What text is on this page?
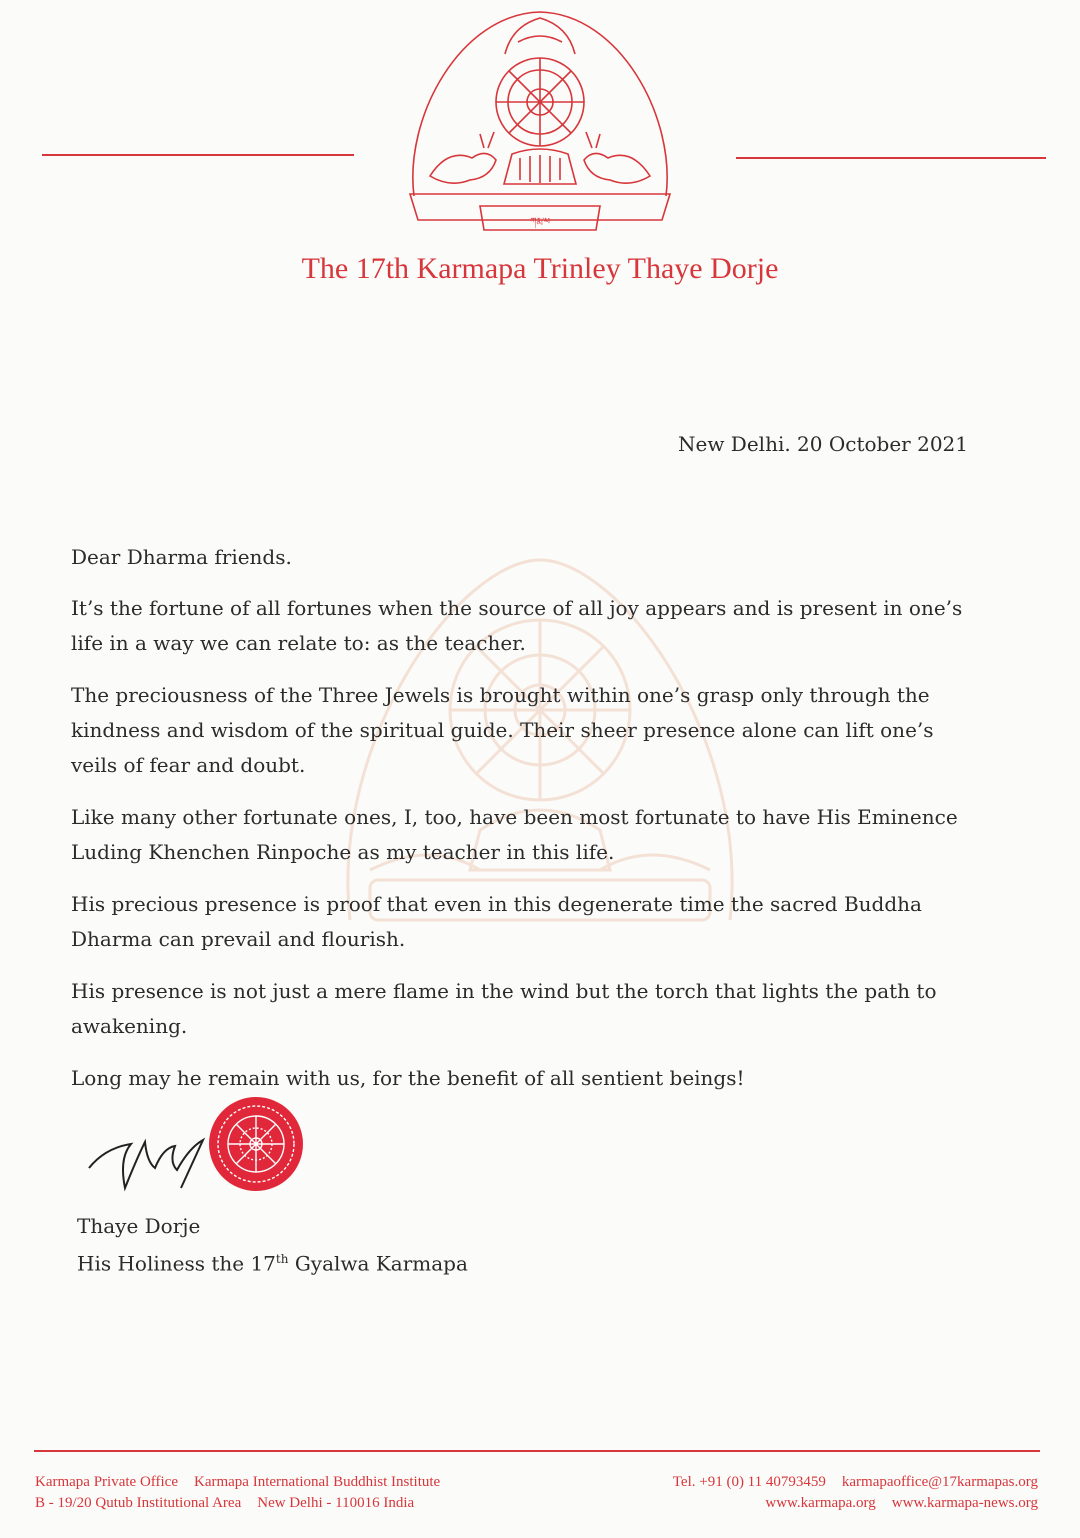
ཀརྨ་པ
The 17th Karmapa Trinley Thaye Dorje
New Delhi. 20 October 2021

Dear Dharma friends.

It’s the fortune of all fortunes when the source of all joy appears and is present in one’s life in a way we can relate to: as the teacher.

The preciousness of the Three Jewels is brought within one’s grasp only through the kindness and wisdom of the spiritual guide. Their sheer presence alone can lift one’s veils of fear and doubt.

Like many other fortunate ones, I, too, have been most fortunate to have His Eminence Luding Khenchen Rinpoche as my teacher in this life.

His precious presence is proof that even in this degenerate time the sacred Buddha Dharma can prevail and flourish.

His presence is not just a mere flame in the wind but the torch that lights the path to awakening.

Long may he remain with us, for the benefit of all sentient beings!

Thaye Dorje
His Holiness the 17th Gyalwa Karmapa
Karmapa Private Office Karmapa International Buddhist Institute
B - 19/20 Qutub Institutional Area New Delhi - 110016 India
Tel. +91 (0) 11 40793459 karmapaoffice@17karmapas.org
www.karmapa.org www.karmapa-news.org
